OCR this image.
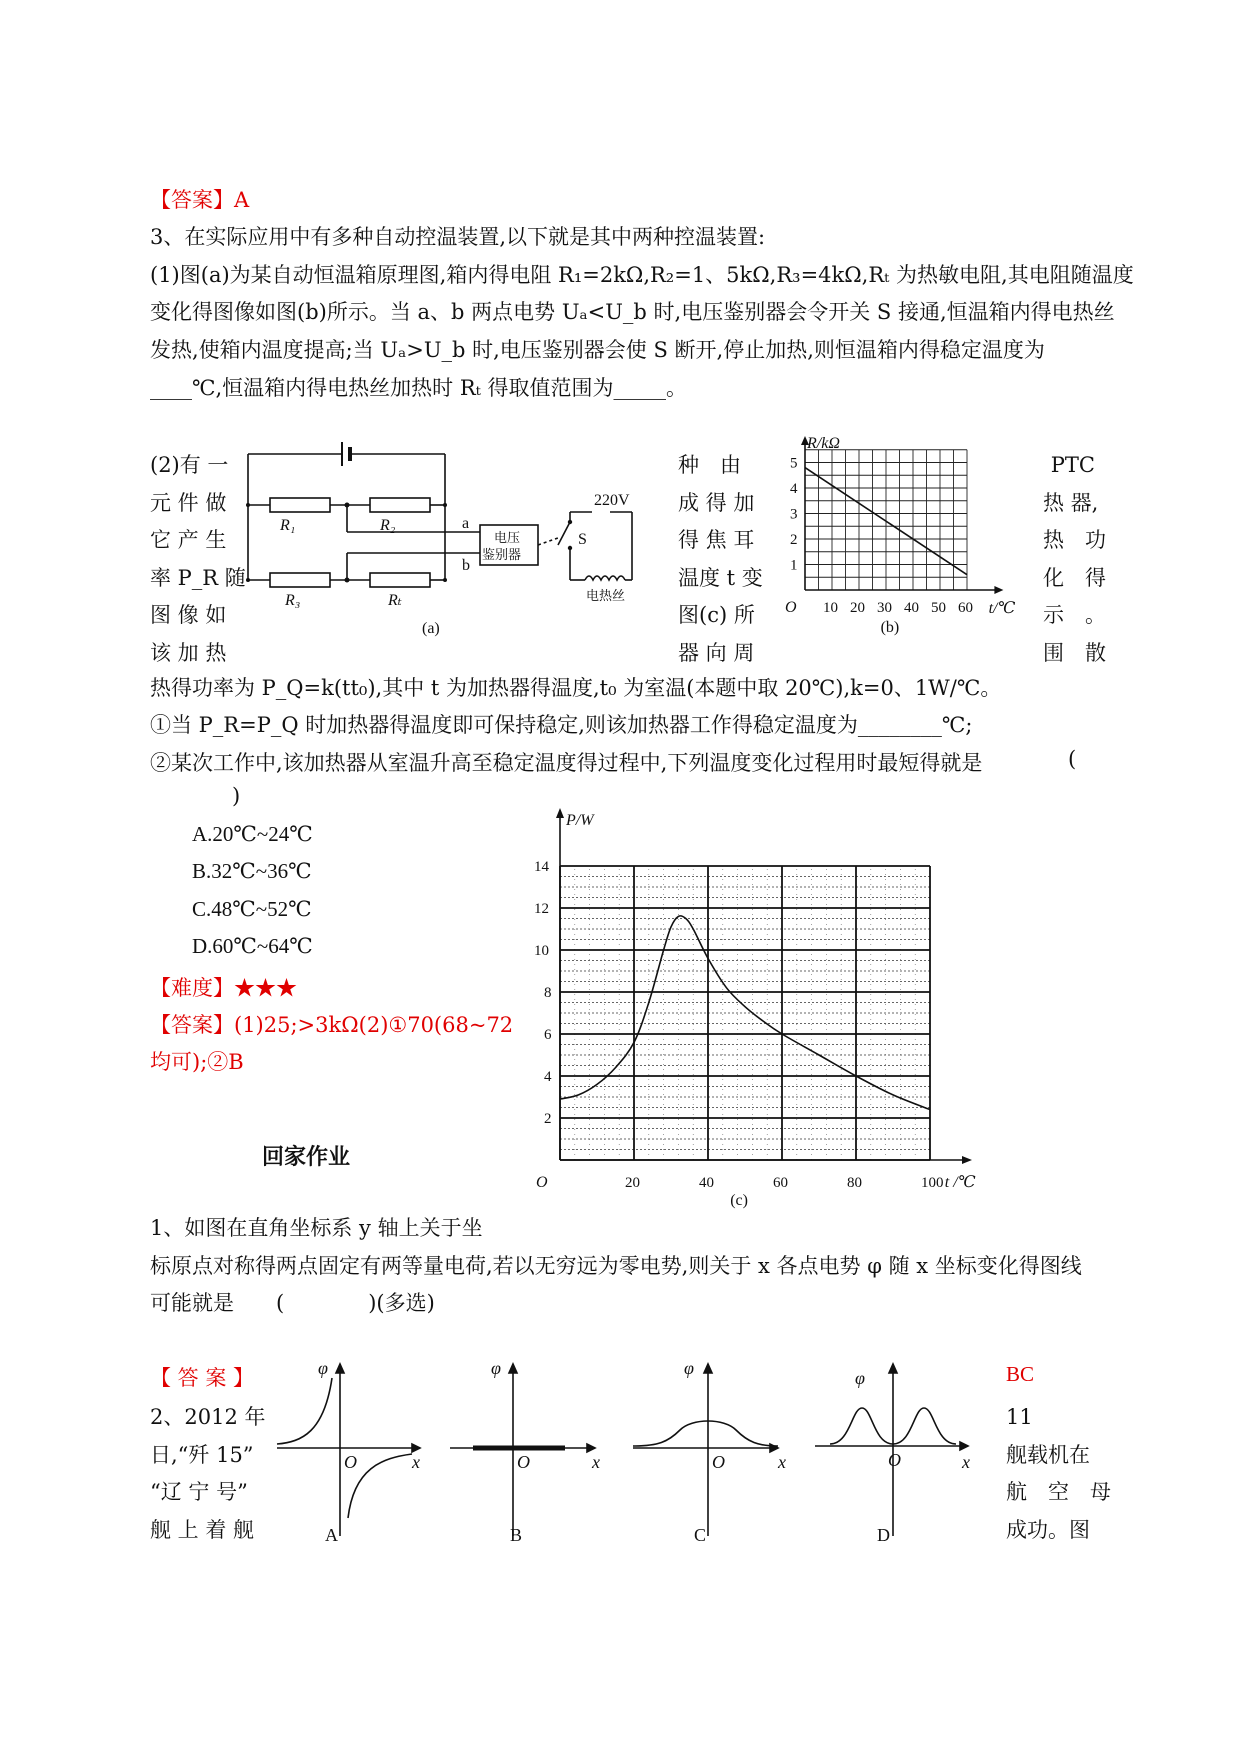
【答案】A
3、在实际应用中有多种自动控温装置,以下就是其中两种控温装置:
(1)图(a)为某自动恒温箱原理图,箱内得电阻 R₁=2kΩ,R₂=1、5kΩ,R₃=4kΩ,Rₜ 为热敏电阻,其电阻随温度
变化得图像如图(b)所示。当 a、b 两点电势 Uₐ<U_b 时,电压鉴别器会令开关 S 接通,恒温箱内得电热丝
发热,使箱内温度提高;当 Uₐ>U_b 时,电压鉴别器会使 S 断开,停止加热,则恒温箱内得稳定温度为
____℃,恒温箱内得电热丝加热时 Rₜ 得取值范围为_____。
(2)有 一
元 件 做
它 产 生
率 P_R 随
图 像 如
该 加 热
种　由
成 得 加
得 焦 耳
温度 t 变
图(c) 所
器 向 周
PTC
热 器,
热　功
化　得
示　。
围　散
R₁	R₂
R₃	Rₜ
a
b
电压
鉴别器
S
220V
电热丝
(a)
10 20 30 40 50 60
1
2
3
4
5
O
R/kΩ
t/℃
(b)
热得功率为 P_Q=k(tt₀),其中 t 为加热器得温度,t₀ 为室温(本题中取 20℃),k=0、1W/℃。
①当 P_R=P_Q 时加热器得温度即可保持稳定,则该加热器工作得稳定温度为________℃;
②某次工作中,该加热器从室温升高至稳定温度得过程中,下列温度变化过程用时最短得就是	(
)
A.20℃~24℃
B.32℃~36℃
C.48℃~52℃
D.60℃~64℃
【难度】★★★
【答案】(1)25;>3kΩ(2)①70(68~72
均可);②B
回家作业
20	40	60	80	100
2
4
6
8
10
12
14
O
P/W
t /℃
(c)
1、如图在直角坐标系 y 轴上关于坐
标原点对称得两点固定有两等量电荷,若以无穷远为零电势,则关于 x 各点电势 φ 随 x 坐标变化得图线
可能就是　　(　　　　)(多选)
【 答 案 】	BC
2、2012 年
日,“歼 15”
“辽 宁 号”
舰 上 着 舰
11
舰载机在
航　空　母
成功。图
φ
x
O
A
φ
x
O
B
φ
x
O
C
φ
x
O
D
